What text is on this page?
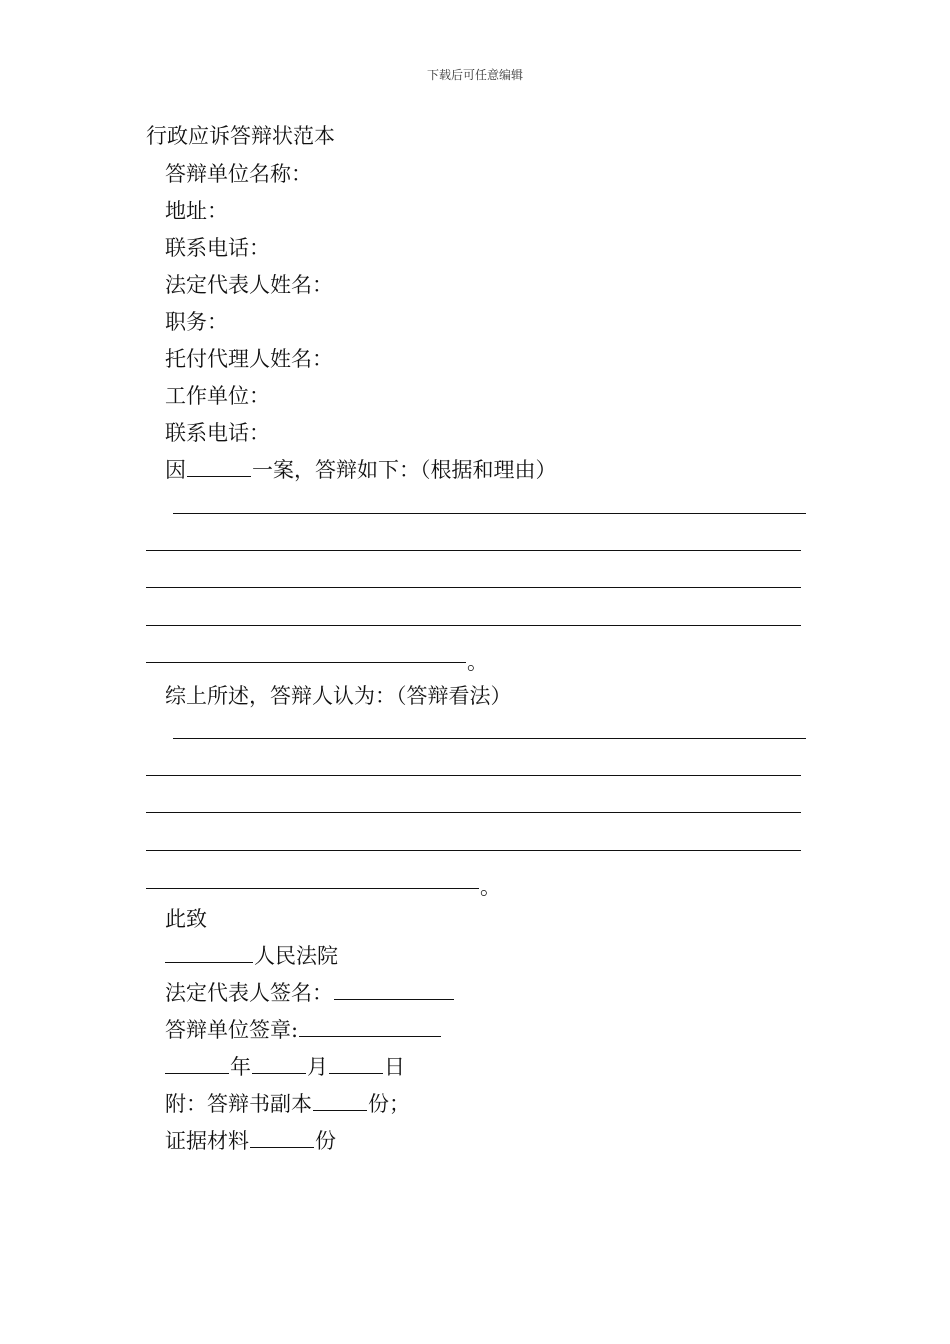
下载后可任意编辑
行政应诉答辩状范本
答辩单位名称：
地址：
联系电话：
法定代表人姓名：
职务：
托付代理人姓名：
工作单位：
联系电话：
因	一案，答辩如下：（根据和理由）
。
综上所述，答辩人认为：（答辩看法）
。
此致
人民法院
法定代表人签名：
答辩单位签章:
年	月	日
附：答辩书副本	份；
证据材料	份
